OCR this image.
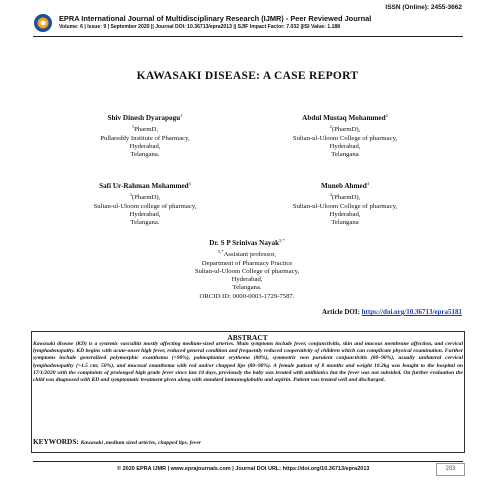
ISSN (Online): 2455-3662
EPRA International Journal of Multidisciplinary Research (IJMR) - Peer Reviewed Journal
Volume: 6 | Issue: 9 | September 2020 || Journal DOI: 10.36713/epra2013 || SJIF Impact Factor: 7.032 ||ISI Value: 1.188
KAWASAKI DISEASE: A CASE REPORT
Shiv Dinesh Dyarapogu$^1$
$^1$PharmD,
Pullareddy Institute of Pharmacy,
Hyderabad,
Telangana.
Abdul Mustaq Mohammed$^2$
$^2$(PharmD),
Sultan-ul-Uloom College of pharmacy,
Hyderabad,
Telangana
Safi Ur-Rahman Mohammed$^3$
$^3$(PharmD),
Sultan-ul-Uloom college of pharmacy,
Hyderabad,
Telangana.
Muneb Ahmed$^4$
$^4$(PharmD),
Sultan-ul-Uloom College of pharmacy,
Hyderabad,
Telangana
Dr. S P Srinivas Nayak$^{5,*}$
$^{5,*}$Assistant professor,
Department of Pharmacy Practice
Sultan-ul-Uloom College of pharmacy,
Hyderabad,
Telangana.
ORCID ID: 0000-0003-1729-7587.
Article DOI: https://doi.org/10.36713/epra5181
ABSTRACT
Kawasaki disease (KD) is a systemic vasculitis mostly affecting medium-sized arteries. Main symptoms include fever, conjunctivitis, skin and mucous membrane affection, and cervical lymphadenopathy. KD begins with acute-onset high fever, reduced general condition and frequently reduced cooperativity of children which can complicate physical examination. Further symptoms include generalized polymorphic exanthema (>90%), palmoplantar erythema (80%), symmetric non purulent conjunctivitis (80–90%), usually unilateral cervical lymphadenopathy (>1.5 cm; 50%), and mucosal enanthema with red and/or chapped lips (80–90%). A female patient of 8 months and weight 10.2kg was bought to the hospital on 17/1/2020 with the complaints of prolonged high grade fever since last 10 days, previously the baby was treated with antibiotics but the fever was not subsided. On further evaluation the child was diagnosed with KD and symptomatic treatment given along with standard immunoglobulin and aspirin. Patient was treated well and discharged.
KEYWORDS: Kawasaki ,medium sized articles, chapped lips, fever
© 2020 EPRA IJMR | www.eprajournals.com | Journal DOI URL: https://doi.org/10.36713/epra2013	203
